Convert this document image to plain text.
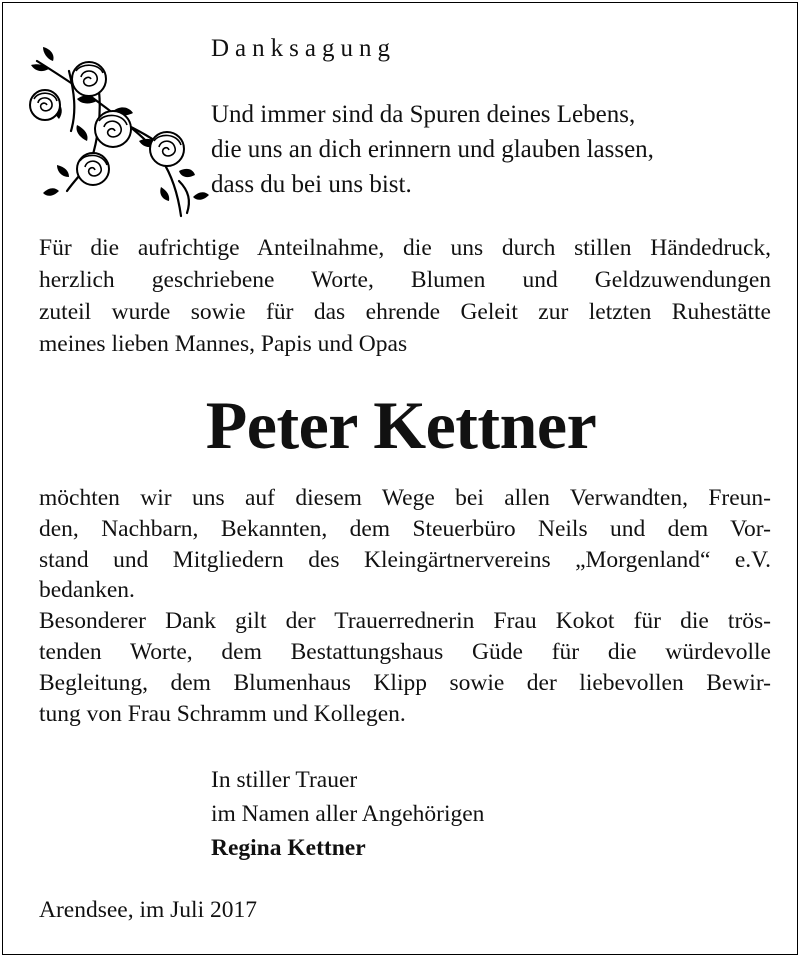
Danksagung
Und immer sind da Spuren deines Lebens,
die uns an dich erinnern und glauben lassen,
dass du bei uns bist.
Für die aufrichtige Anteilnahme, die uns durch stillen Händedruck,
herzlich geschriebene Worte, Blumen und Geldzuwendungen
zuteil wurde sowie für das ehrende Geleit zur letzten Ruhestätte
meines lieben Mannes, Papis und Opas
Peter Kettner
möchten wir uns auf diesem Wege bei allen Verwandten, Freun-
den, Nachbarn, Bekannten, dem Steuerbüro Neils und dem Vor-
stand und Mitgliedern des Kleingärtnervereins „Morgenland“ e.V.
bedanken.
Besonderer Dank gilt der Trauerrednerin Frau Kokot für die trös-
tenden Worte, dem Bestattungshaus Güde für die würdevolle
Begleitung, dem Blumenhaus Klipp sowie der liebevollen Bewir-
tung von Frau Schramm und Kollegen.
In stiller Trauer
im Namen aller Angehörigen
Regina Kettner
Arendsee, im Juli 2017
